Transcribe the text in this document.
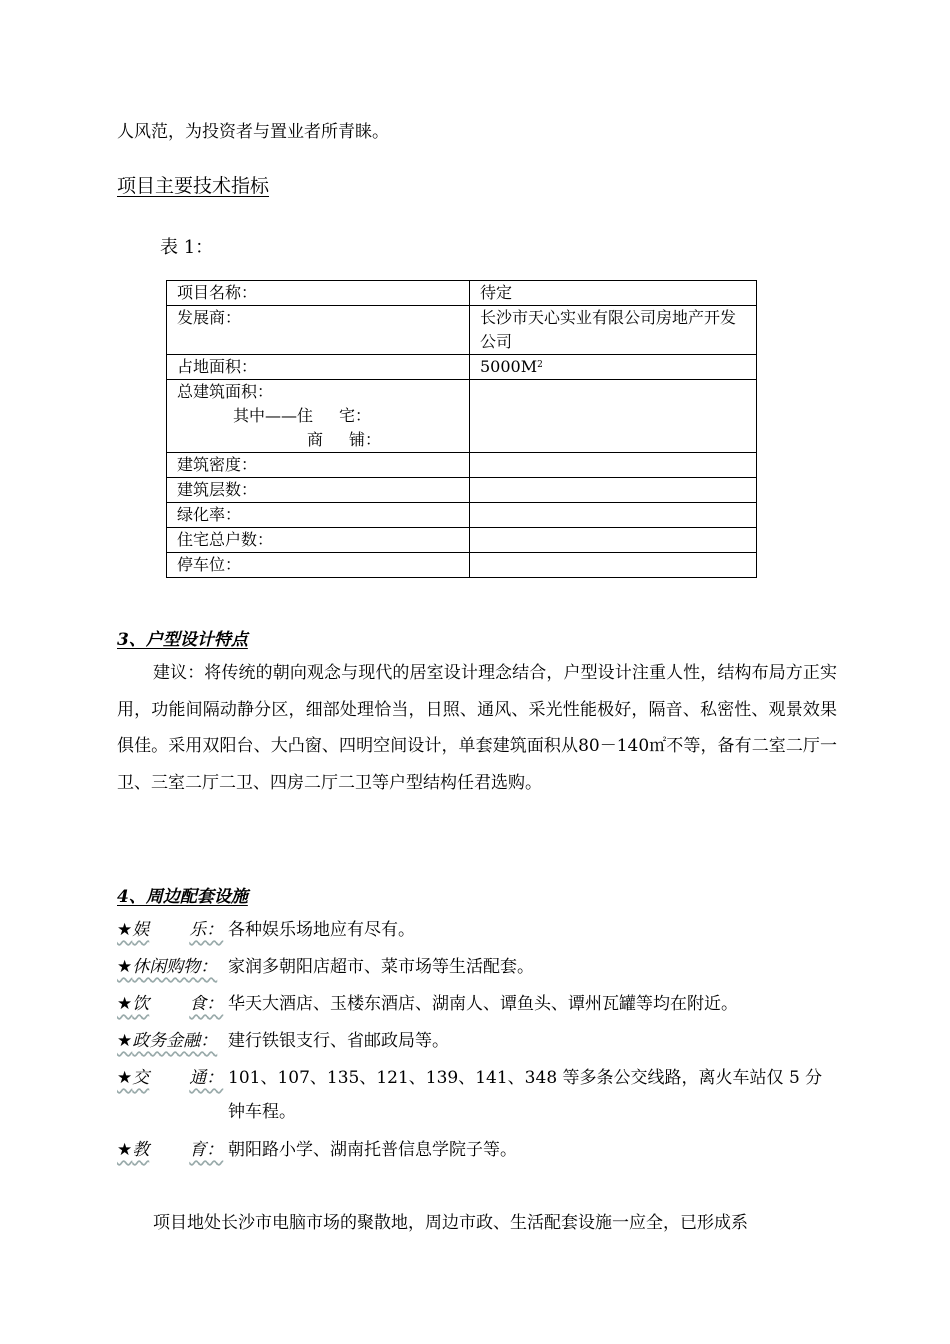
人风范，为投资者与置业者所青睐。
项目主要技术指标
表 1：
项目名称：	待定
发展商：	长沙市天心实业有限公司房地产开发公司
占地面积：	$5000M^2$

总建筑面积：
其中——住 宅：
商 铺：	

建筑密度：	
建筑层数：	
绿化率：	
住宅总户数：	
停车位：	
3、户型设计特点
建议：将传统的朝向观念与现代的居室设计理念结合，户型设计注重人性，结构布局方正实用，功能间隔动静分区，细部处理恰当，日照、通风、采光性能极好，隔音、私密性、观景效果俱佳。采用双阳台、大凸窗、四明空间设计，单套建筑面积从80－140㎡不等，备有二室二厅一卫、三室二厅二卫、四房二厅二卫等户型结构任君选购。
4、周边配套设施
★娱 乐： 各种娱乐场地应有尽有。
★休闲购物： 家润多朝阳店超市、菜市场等生活配套。
★饮 食： 华天大酒店、玉楼东酒店、湖南人、谭鱼头、谭州瓦罐等均在附近。
★政务金融： 建行铁银支行、省邮政局等。
★交 通： 101、107、135、121、139、141、348 等多条公交线路，离火车站仅 5 分钟车程。
★教 育： 朝阳路小学、湖南托普信息学院子等。
项目地处长沙市电脑市场的聚散地，周边市政、生活配套设施一应全，已形成系
